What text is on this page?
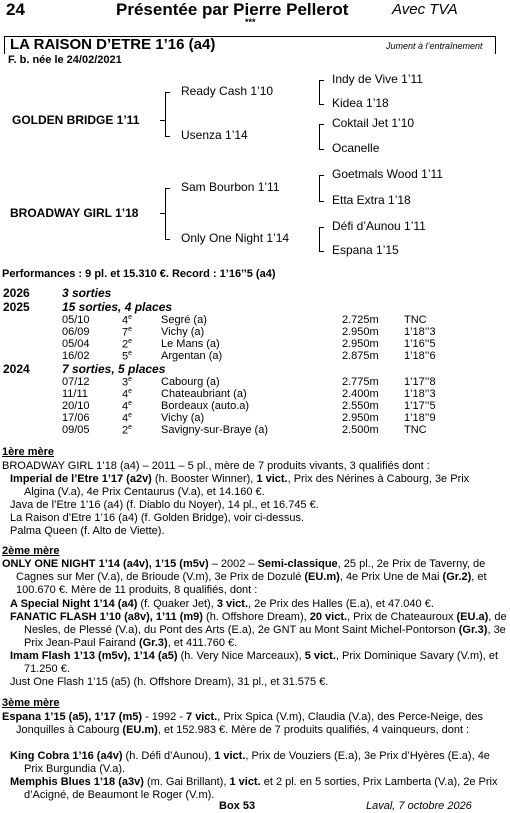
24	Présentée par Pierre Pellerot	Avec TVA
***
LA RAISON D’ETRE 1’16 (a4)	Jument à l’entraînement
F. b. née le 24/02/2021
GOLDEN BRIDGE 1’11
Ready Cash 1’10
Usenza 1’14
Indy de Vive 1’11
Kidea 1’18
Coktail Jet 1’10
Ocanelle
BROADWAY GIRL 1’18
Sam Bourbon 1’11
Only One Night 1’14
Goetmals Wood 1’11
Etta Extra 1’18
Défi d’Aunou 1’11
Espana 1’15
Performances : 9 pl. et 15.310 €. Record : 1’16’’5 (a4)
2026	3 sorties
2025	15 sorties, 4 places
05/10	4e	Segré (a)	2.725m TNC
06/09	7e	Vichy (a)	2.950m 1’18’’3
05/04	2e	Le Mans (a)	2.950m 1’16’’5
16/02	5e	Argentan (a)	2.875m 1’18’’6
2024	7 sorties, 5 places
07/12	3e	Cabourg (a)	2.775m 1’17’’8
11/11	4e	Chateaubriant (a)	2.400m 1’18’’3
20/10	4e	Bordeaux (auto.a)	2.550m 1’17’’5
17/06	4e	Vichy (a)	2.950m 1’18’’9
09/05	2e	Savigny-sur-Braye (a)	2.500m TNC
1ère mère
BROADWAY GIRL 1’18 (a4) – 2011 – 5 pl., mère de 7 produits vivants, 3 qualifiés dont :
Imperial de l’Etre 1’17 (a2v) (h. Booster Winner), 1 vict., Prix des Nérines à Cabourg, 3e Prix Algina (V.a), 4e Prix Centaurus (V.a), et 14.160 €.
Java de l’Etre 1’16 (a4) (f. Diablo du Noyer), 14 pl., et 16.745 €.
La Raison d’Etre 1’16 (a4) (f. Golden Bridge), voir ci-dessus.
Palma Queen (f. Alto de Viette).
2ème mère
ONLY ONE NIGHT 1’14 (a4v), 1’15 (m5v) – 2002 – Semi-classique, 25 pl., 2e Prix de Taverny, de Cagnes sur Mer (V.a), de Brioude (V.m), 3e Prix de Dozulé (EU.m), 4e Prix Une de Mai (Gr.2), et 100.670 €. Mère de 11 produits, 8 qualifiés, dont :
A Special Night 1’14 (a4) (f. Quaker Jet), 3 vict., 2e Prix des Halles (E.a), et 47.040 €.
FANATIC FLASH 1’10 (a8v), 1’11 (m9) (h. Offshore Dream), 20 vict., Prix de Chateauroux (EU.a), de Nesles, de Plessé (V.a), du Pont des Arts (E.a), 2e GNT au Mont Saint Michel-Pontorson (Gr.3), 3e Prix Jean-Paul Fairand (Gr.3), et 411.760 €.
Imam Flash 1’13 (m5v), 1’14 (a5) (h. Very Nice Marceaux), 5 vict., Prix Dominique Savary (V.m), et 71.250 €.
Just One Flash 1’15 (a5) (h. Offshore Dream), 31 pl., et 31.575 €.
3ème mère
Espana 1’15 (a5), 1’17 (m5) - 1992 - 7 vict., Prix Spica (V.m), Claudia (V.a), des Perce-Neige, des Jonquilles à Cabourg (EU.m), et 152.983 €. Mère de 7 produits qualifiés, 4 vainqueurs, dont :
King Cobra 1’16 (a4v) (h. Défi d’Aunou), 1 vict., Prix de Vouziers (E.a), 3e Prix d’Hyères (E.a), 4e Prix Burgundia (V.a).
Memphis Blues 1’18 (a3v) (m. Gai Brillant), 1 vict. et 2 pl. en 5 sorties, Prix Lamberta (V.a), 2e Prix d’Acigné, de Beaumont le Roger (V.m).
Box 53	Laval, 7 octobre 2026
